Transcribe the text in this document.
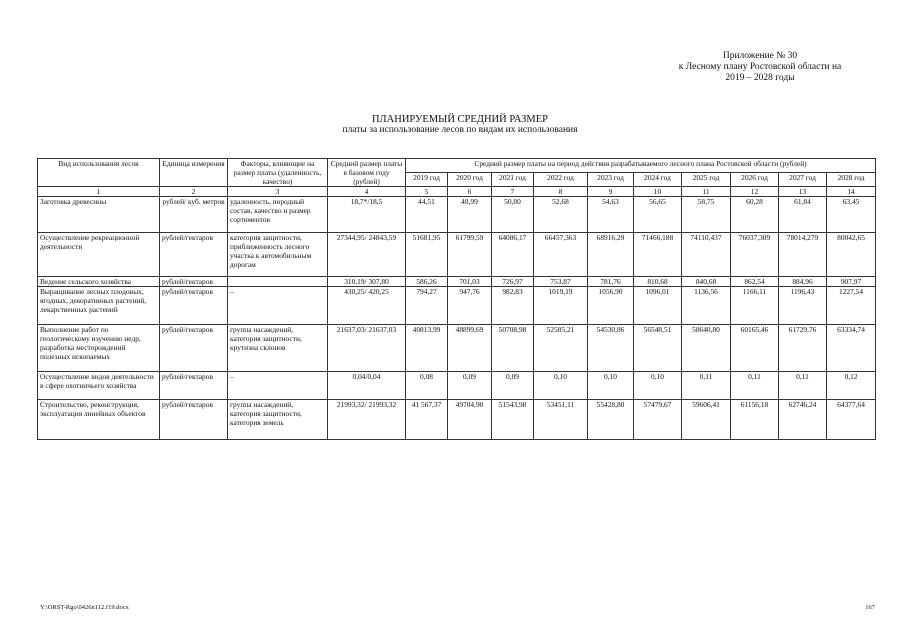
Приложение № 30
к Лесному плану Ростовской области на
2019 – 2028 годы
ПЛАНИРУЕМЫЙ СРЕДНИЙ РАЗМЕР
платы за использование лесов по видам их использования
Вид использования лесов	Единица измерения	Факторы, влияющие на размер платы (удаленность, качество)	Средний размер платы в базовом году (рублей)	Средний размер платы на период действия разрабатываемого лесного плана Ростовской области (рублей)									
				2019 год	2020 год	2021 год	2022 год	2023 год	2024 год	2025 год	2026 год	2027 год	2028 год
1	2	3	4	5	6	7	8	9	10	11	12	13	14
Заготовка древесины	рублей/ куб. метров	удаленность, породный состав, качество и размер сортиментов	18,7*/18,5	44,51	48,99	50,80	52,68	54,63	56,65	58,75	60,28	61,84	63,45
Осуществление рекреационной деятельности	рублей/гектаров	категория защитности, приближенность лесного участка к автомобильным дорогам	27344,95/ 24843,59	51681,95	61799,59	64086,17	66457,363	68916,29	71466,188	74110,437	76037,309	78014,279	80042,65
Ведение сельского хозяйства	рублей/гектаров		310,19/ 307,80	586,26	701,03	726,97	753,87	781,76	810,68	840,68	862,54	884,96	907,97
Выращивание лесных плодовых, ягодных, декоративных растений, лекарственных растений	рублей/гектаров	–	430,25/ 420,25	794,27	947,76	982,83	1019,19	1056,90	1096,01	1136,56	1166,11	1196,43	1227,54
Выполнение работ по геологическому изучению недр, разработка месторождений полезных ископаемых	рублей/гектаров	группа насаждений, категория защитности, крутизна склонов	21637,03/ 21637,03	40813,99	48899,69	50708,98	52585,21	54530,86	56548,51	58640,80	60165,46	61729,76	63334,74
Осуществление видов деятельности в сфере охотничьего хозяйства	рублей/гектаров	–	0,04/0,04	0,08	0,09	0,09	0,10	0,10	0,10	0,11	0,11	0,11	0,12
Строительство, реконструкция, эксплуатация линейных объектов	рублей/гектаров	группа насаждений, категория защитности, категория земель	21993,32/ 21993,32	41 567,37	49704,90	51543,98	53451,11	55428,80	57479,67	59606,41	61156,18	62746,24	64377,64
Y:\ORST-Rgo\0426n112.f19.docx	167
